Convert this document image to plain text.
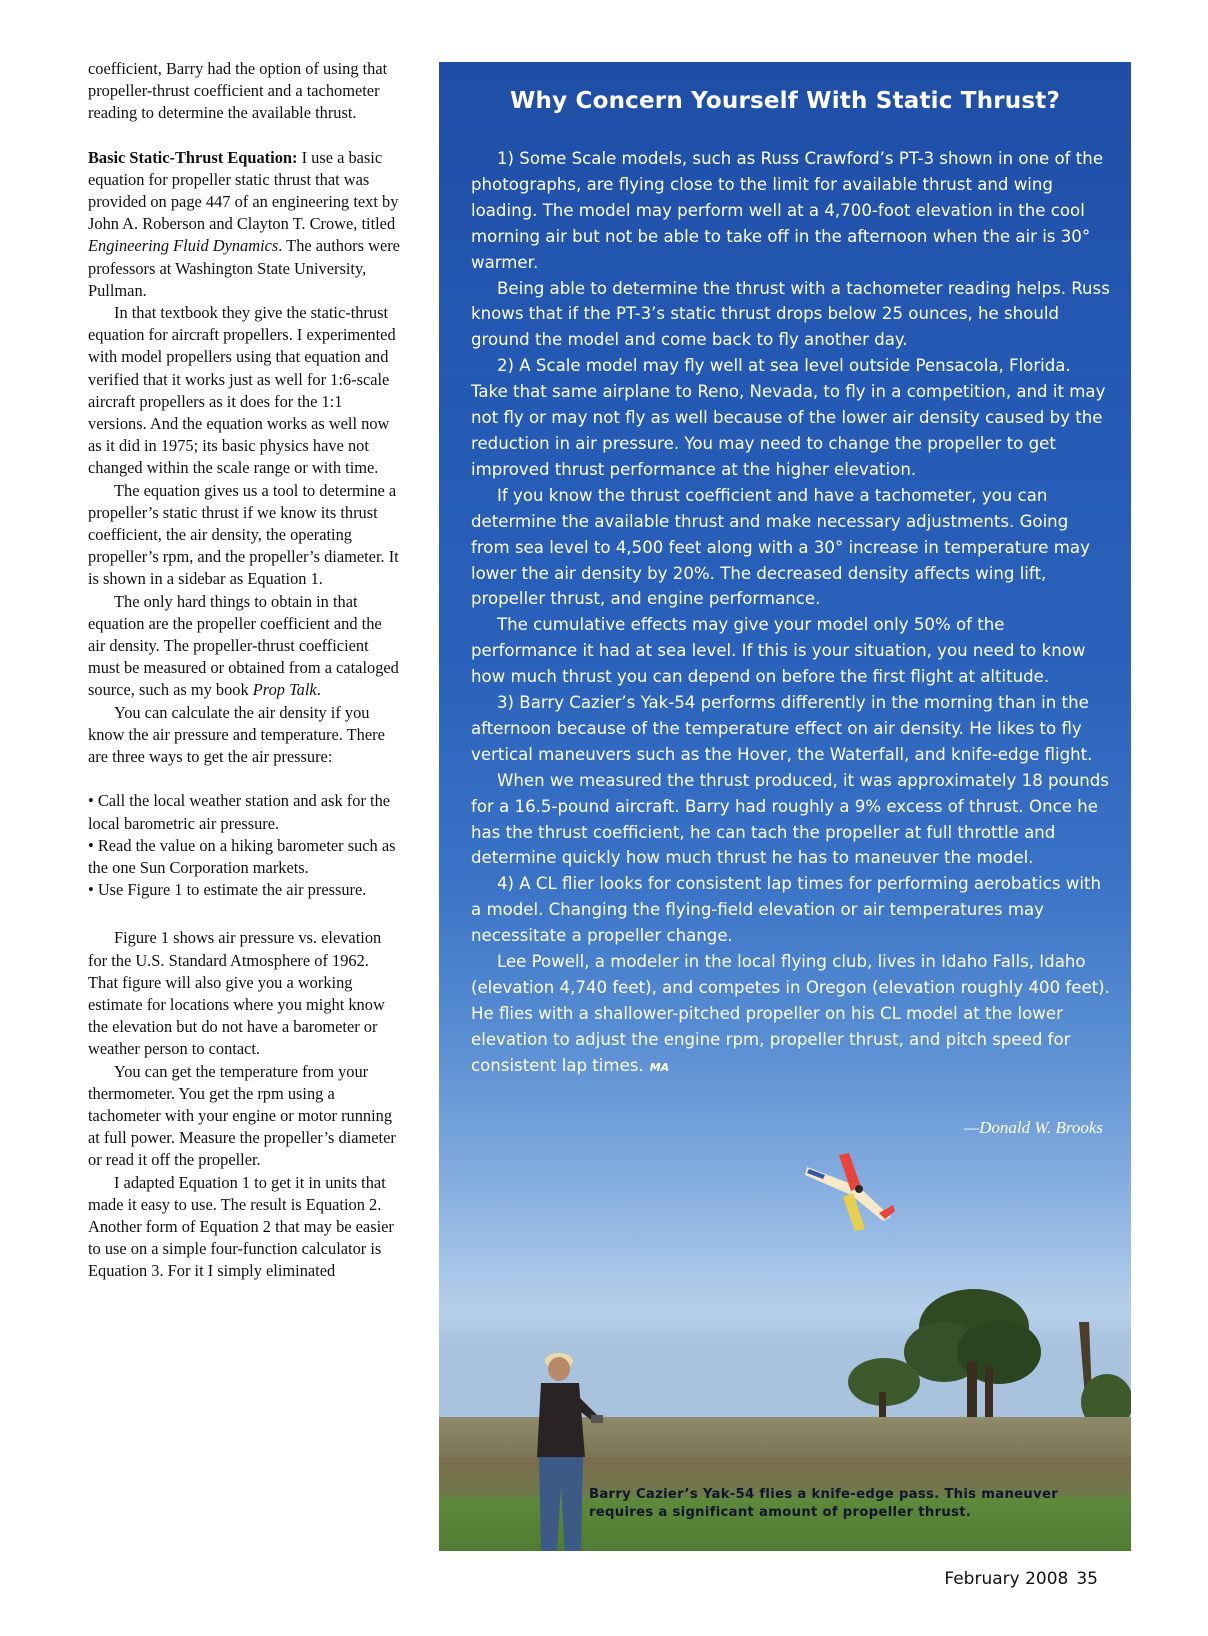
coefficient, Barry had the option of using that propeller-thrust coefficient and a tachometer reading to determine the available thrust.

Basic Static-Thrust Equation: I use a basic equation for propeller static thrust that was provided on page 447 of an engineering text by John A. Roberson and Clayton T. Crowe, titled Engineering Fluid Dynamics. The authors were professors at Washington State University, Pullman.

In that textbook they give the static-thrust equation for aircraft propellers. I experimented with model propellers using that equation and verified that it works just as well for 1:6-scale aircraft propellers as it does for the 1:1 versions. And the equation works as well now as it did in 1975; its basic physics have not changed within the scale range or with time.

The equation gives us a tool to determine a propeller’s static thrust if we know its thrust coefficient, the air density, the operating propeller’s rpm, and the propeller’s diameter. It is shown in a sidebar as Equation 1.

The only hard things to obtain in that equation are the propeller coefficient and the air density. The propeller-thrust coefficient must be measured or obtained from a cataloged source, such as my book Prop Talk.

You can calculate the air density if you know the air pressure and temperature. There are three ways to get the air pressure:

• Call the local weather station and ask for the local barometric air pressure.

• Read the value on a hiking barometer such as the one Sun Corporation markets.

• Use Figure 1 to estimate the air pressure.

Figure 1 shows air pressure vs. elevation for the U.S. Standard Atmosphere of 1962. That figure will also give you a working estimate for locations where you might know the elevation but do not have a barometer or weather person to contact.

You can get the temperature from your thermometer. You get the rpm using a tachometer with your engine or motor running at full power. Measure the propeller’s diameter or read it off the propeller.

I adapted Equation 1 to get it in units that made it easy to use. The result is Equation 2. Another form of Equation 2 that may be easier to use on a simple four-function calculator is Equation 3. For it I simply eliminated

Why Concern Yourself With Static Thrust?

1) Some Scale models, such as Russ Crawford’s PT-3 shown in one of the photographs, are flying close to the limit for available thrust and wing loading. The model may perform well at a 4,700-foot elevation in the cool morning air but not be able to take off in the afternoon when the air is 30° warmer.

Being able to determine the thrust with a tachometer reading helps. Russ knows that if the PT-3’s static thrust drops below 25 ounces, he should ground the model and come back to fly another day.

2) A Scale model may fly well at sea level outside Pensacola, Florida. Take that same airplane to Reno, Nevada, to fly in a competition, and it may not fly or may not fly as well because of the lower air density caused by the reduction in air pressure. You may need to change the propeller to get improved thrust performance at the higher elevation.

If you know the thrust coefficient and have a tachometer, you can determine the available thrust and make necessary adjustments. Going from sea level to 4,500 feet along with a 30° increase in temperature may lower the air density by 20%. The decreased density affects wing lift, propeller thrust, and engine performance.

The cumulative effects may give your model only 50% of the performance it had at sea level. If this is your situation, you need to know how much thrust you can depend on before the first flight at altitude.

3) Barry Cazier’s Yak-54 performs differently in the morning than in the afternoon because of the temperature effect on air density. He likes to fly vertical maneuvers such as the Hover, the Waterfall, and knife-edge flight.

When we measured the thrust produced, it was approximately 18 pounds for a 16.5-pound aircraft. Barry had roughly a 9% excess of thrust. Once he has the thrust coefficient, he can tach the propeller at full throttle and determine quickly how much thrust he has to maneuver the model.

4) A CL flier looks for consistent lap times for performing aerobatics with a model. Changing the flying-field elevation or air temperatures may necessitate a propeller change.

Lee Powell, a modeler in the local flying club, lives in Idaho Falls, Idaho (elevation 4,740 feet), and competes in Oregon (elevation roughly 400 feet). He flies with a shallower-pitched propeller on his CL model at the lower elevation to adjust the engine rpm, propeller thrust, and pitch speed for consistent lap times. MA

—Donald W. Brooks
Barry Cazier’s Yak-54 flies a knife-edge pass. This maneuver requires a significant amount of propeller thrust.
February 2008 35
